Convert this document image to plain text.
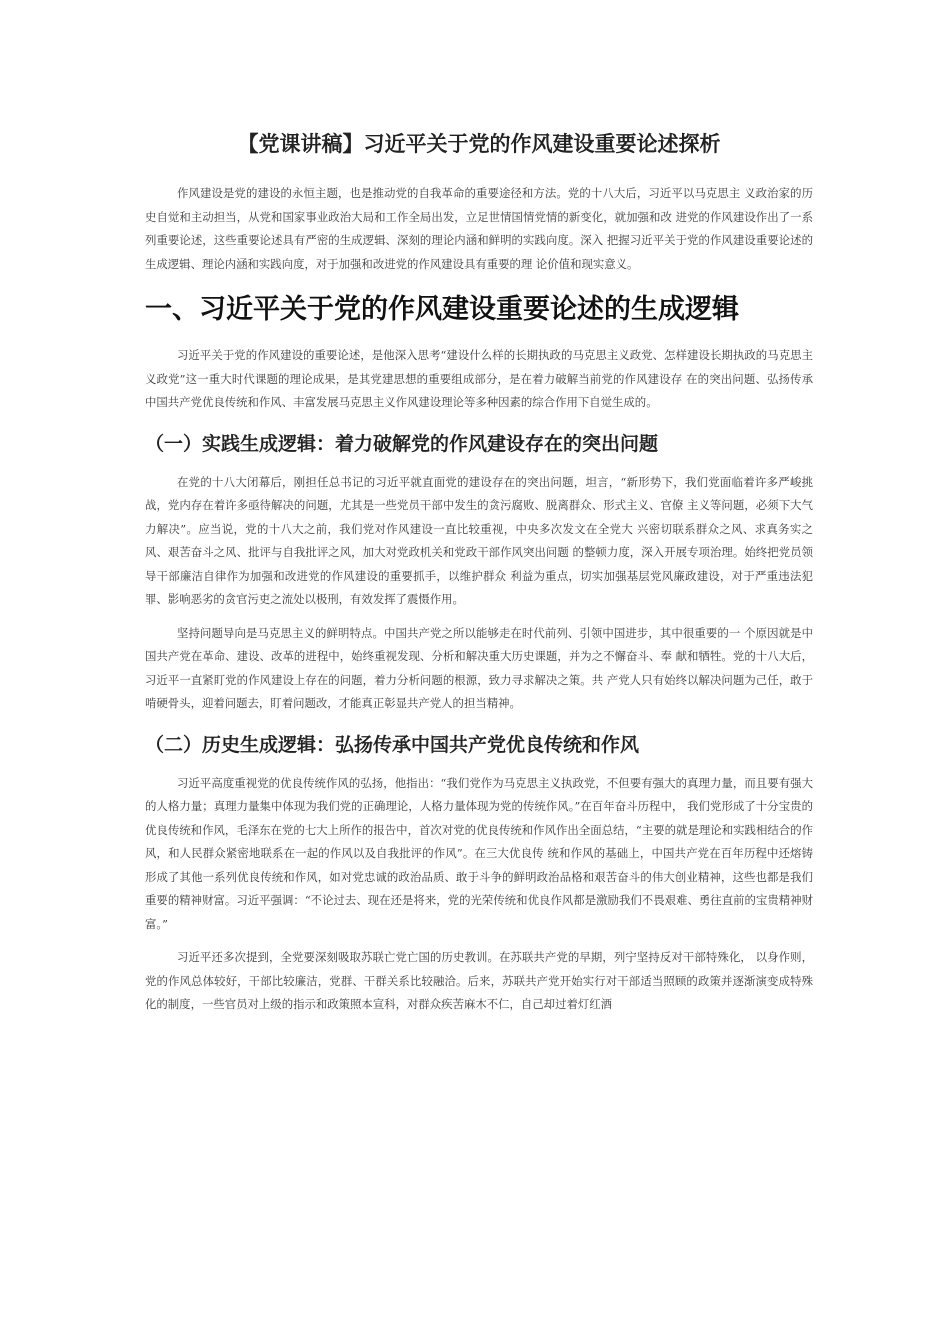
【党课讲稿】习近平关于党的作风建设重要论述探析

作风建设是党的建设的永恒主题，也是推动党的自我革命的重要途径和方法。党的十八大后，习近平以马克思主 义政治家的历史自觉和主动担当，从党和国家事业政治大局和工作全局出发，立足世情国情党情的新变化，就加强和改 进党的作风建设作出了一系列重要论述，这些重要论述具有严密的生成逻辑、深刻的理论内涵和鲜明的实践向度。深入 把握习近平关于党的作风建设重要论述的生成逻辑、理论内涵和实践向度，对于加强和改进党的作风建设具有重要的理 论价值和现实意义。

一、习近平关于党的作风建设重要论述的生成逻辑

习近平关于党的作风建设的重要论述，是他深入思考“建设什么样的长期执政的马克思主义政党、怎样建设长期执政的马克思主义政党”这一重大时代课题的理论成果，是其党建思想的重要组成部分，是在着力破解当前党的作风建设存 在的突出问题、弘扬传承中国共产党优良传统和作风、丰富发展马克思主义作风建设理论等多种因素的综合作用下自觉生成的。

（一）实践生成逻辑：着力破解党的作风建设存在的突出问题

在党的十八大闭幕后，刚担任总书记的习近平就直面党的建设存在的突出问题，坦言，“新形势下，我们党面临着许多严峻挑战，党内存在着许多亟待解决的问题，尤其是一些党员干部中发生的贪污腐败、脱离群众、形式主义、官僚 主义等问题，必须下大气力解决”。应当说，党的十八大之前，我们党对作风建设一直比较重视，中央多次发文在全党大 兴密切联系群众之风、求真务实之风、艰苦奋斗之风、批评与自我批评之风，加大对党政机关和党政干部作风突出问题 的整顿力度，深入开展专项治理。始终把党员领导干部廉洁自律作为加强和改进党的作风建设的重要抓手，以维护群众 利益为重点，切实加强基层党风廉政建设，对于严重违法犯罪、影响恶劣的贪官污吏之流处以极刑，有效发挥了震慑作用。

坚持问题导向是马克思主义的鲜明特点。中国共产党之所以能够走在时代前列、引领中国进步，其中很重要的一 个原因就是中国共产党在革命、建设、改革的进程中，始终重视发现、分析和解决重大历史课题，并为之不懈奋斗、奉 献和牺牲。党的十八大后，习近平一直紧盯党的作风建设上存在的问题，着力分析问题的根源，致力寻求解决之策。共 产党人只有始终以解决问题为己任，敢于啃硬骨头，迎着问题去，盯着问题改，才能真正彰显共产党人的担当精神。

（二）历史生成逻辑：弘扬传承中国共产党优良传统和作风

习近平高度重视党的优良传统作风的弘扬，他指出：“我们党作为马克思主义执政党，不但要有强大的真理力量，而且要有强大的人格力量；真理力量集中体现为我们党的正确理论，人格力量体现为党的传统作风。”在百年奋斗历程中， 我们党形成了十分宝贵的优良传统和作风，毛泽东在党的七大上所作的报告中，首次对党的优良传统和作风作出全面总结，“主要的就是理论和实践相结合的作风，和人民群众紧密地联系在一起的作风以及自我批评的作风”。在三大优良传 统和作风的基础上，中国共产党在百年历程中还熔铸形成了其他一系列优良传统和作风，如对党忠诚的政治品质、敢于斗争的鲜明政治品格和艰苦奋斗的伟大创业精神，这些也都是我们重要的精神财富。习近平强调：“不论过去、现在还是将来，党的光荣传统和优良作风都是激励我们不畏艰难、勇往直前的宝贵精神财富。”

习近平还多次提到，全党要深刻吸取苏联亡党亡国的历史教训。在苏联共产党的早期，列宁坚持反对干部特殊化， 以身作则，党的作风总体较好，干部比较廉洁，党群、干群关系比较融洽。后来，苏联共产党开始实行对干部适当照顾的政策并逐渐演变成特殊化的制度，一些官员对上级的指示和政策照本宣科，对群众疾苦麻木不仁，自己却过着灯红酒
